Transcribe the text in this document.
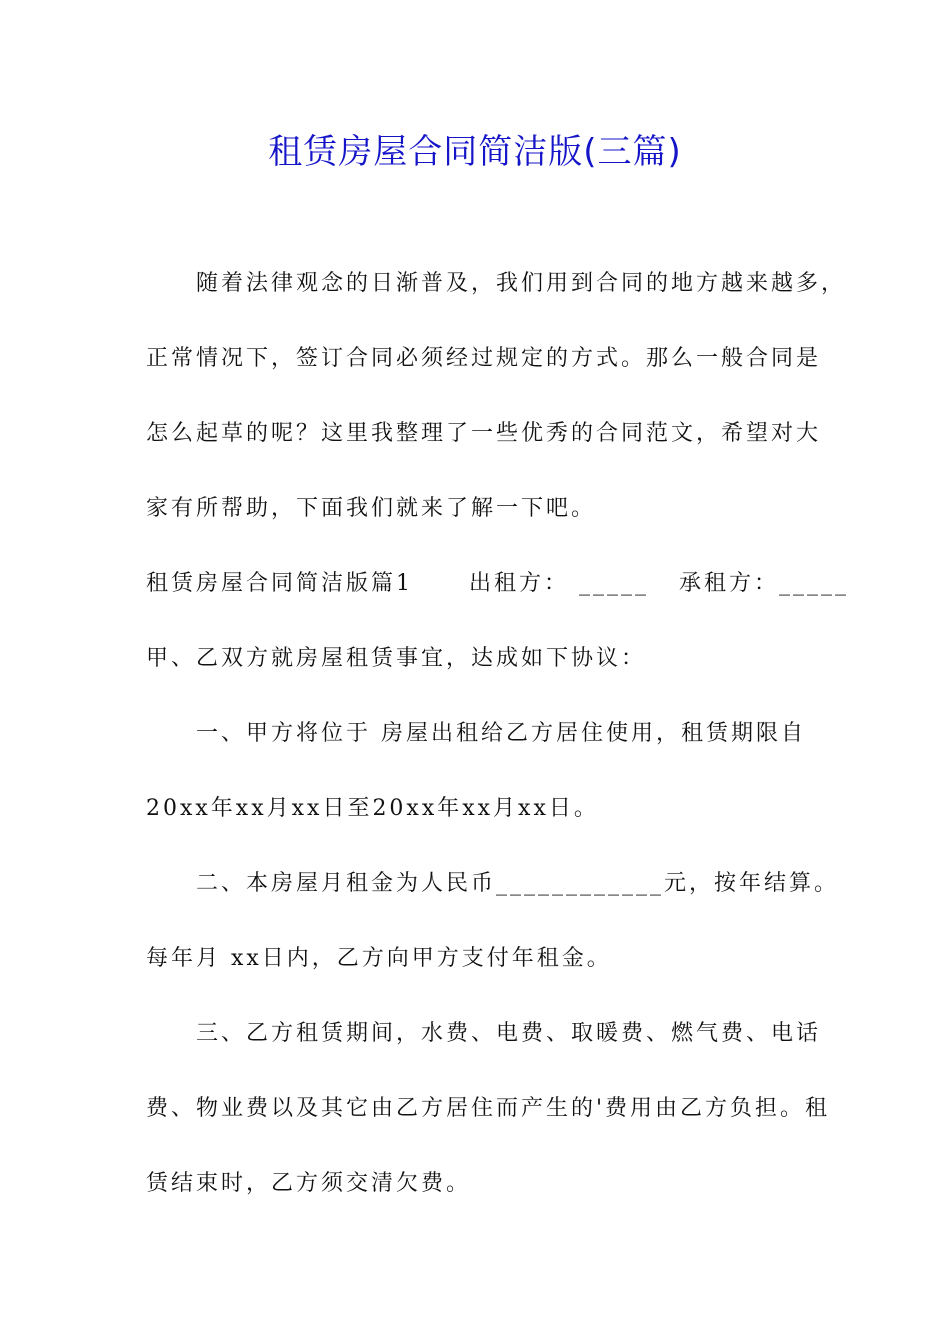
租赁房屋合同简洁版(三篇)
随着法律观念的日渐普及，我们用到合同的地方越来越多，
正常情况下，签订合同必须经过规定的方式。那么一般合同是
怎么起草的呢？这里我整理了一些优秀的合同范文，希望对大
家有所帮助，下面我们就来了解一下吧。
租赁房屋合同简洁版篇1	出租方： _____ 承租方：_____
甲、乙双方就房屋租赁事宜，达成如下协议：
一、甲方将位于 房屋出租给乙方居住使用，租赁期限自
20xx年xx月xx日至20xx年xx月xx日。
二、本房屋月租金为人民币____________元，按年结算。
每年月 xx日内，乙方向甲方支付年租金。
三、乙方租赁期间，水费、电费、取暖费、燃气费、电话
费、物业费以及其它由乙方居住而产生的'费用由乙方负担。租
赁结束时，乙方须交清欠费。
